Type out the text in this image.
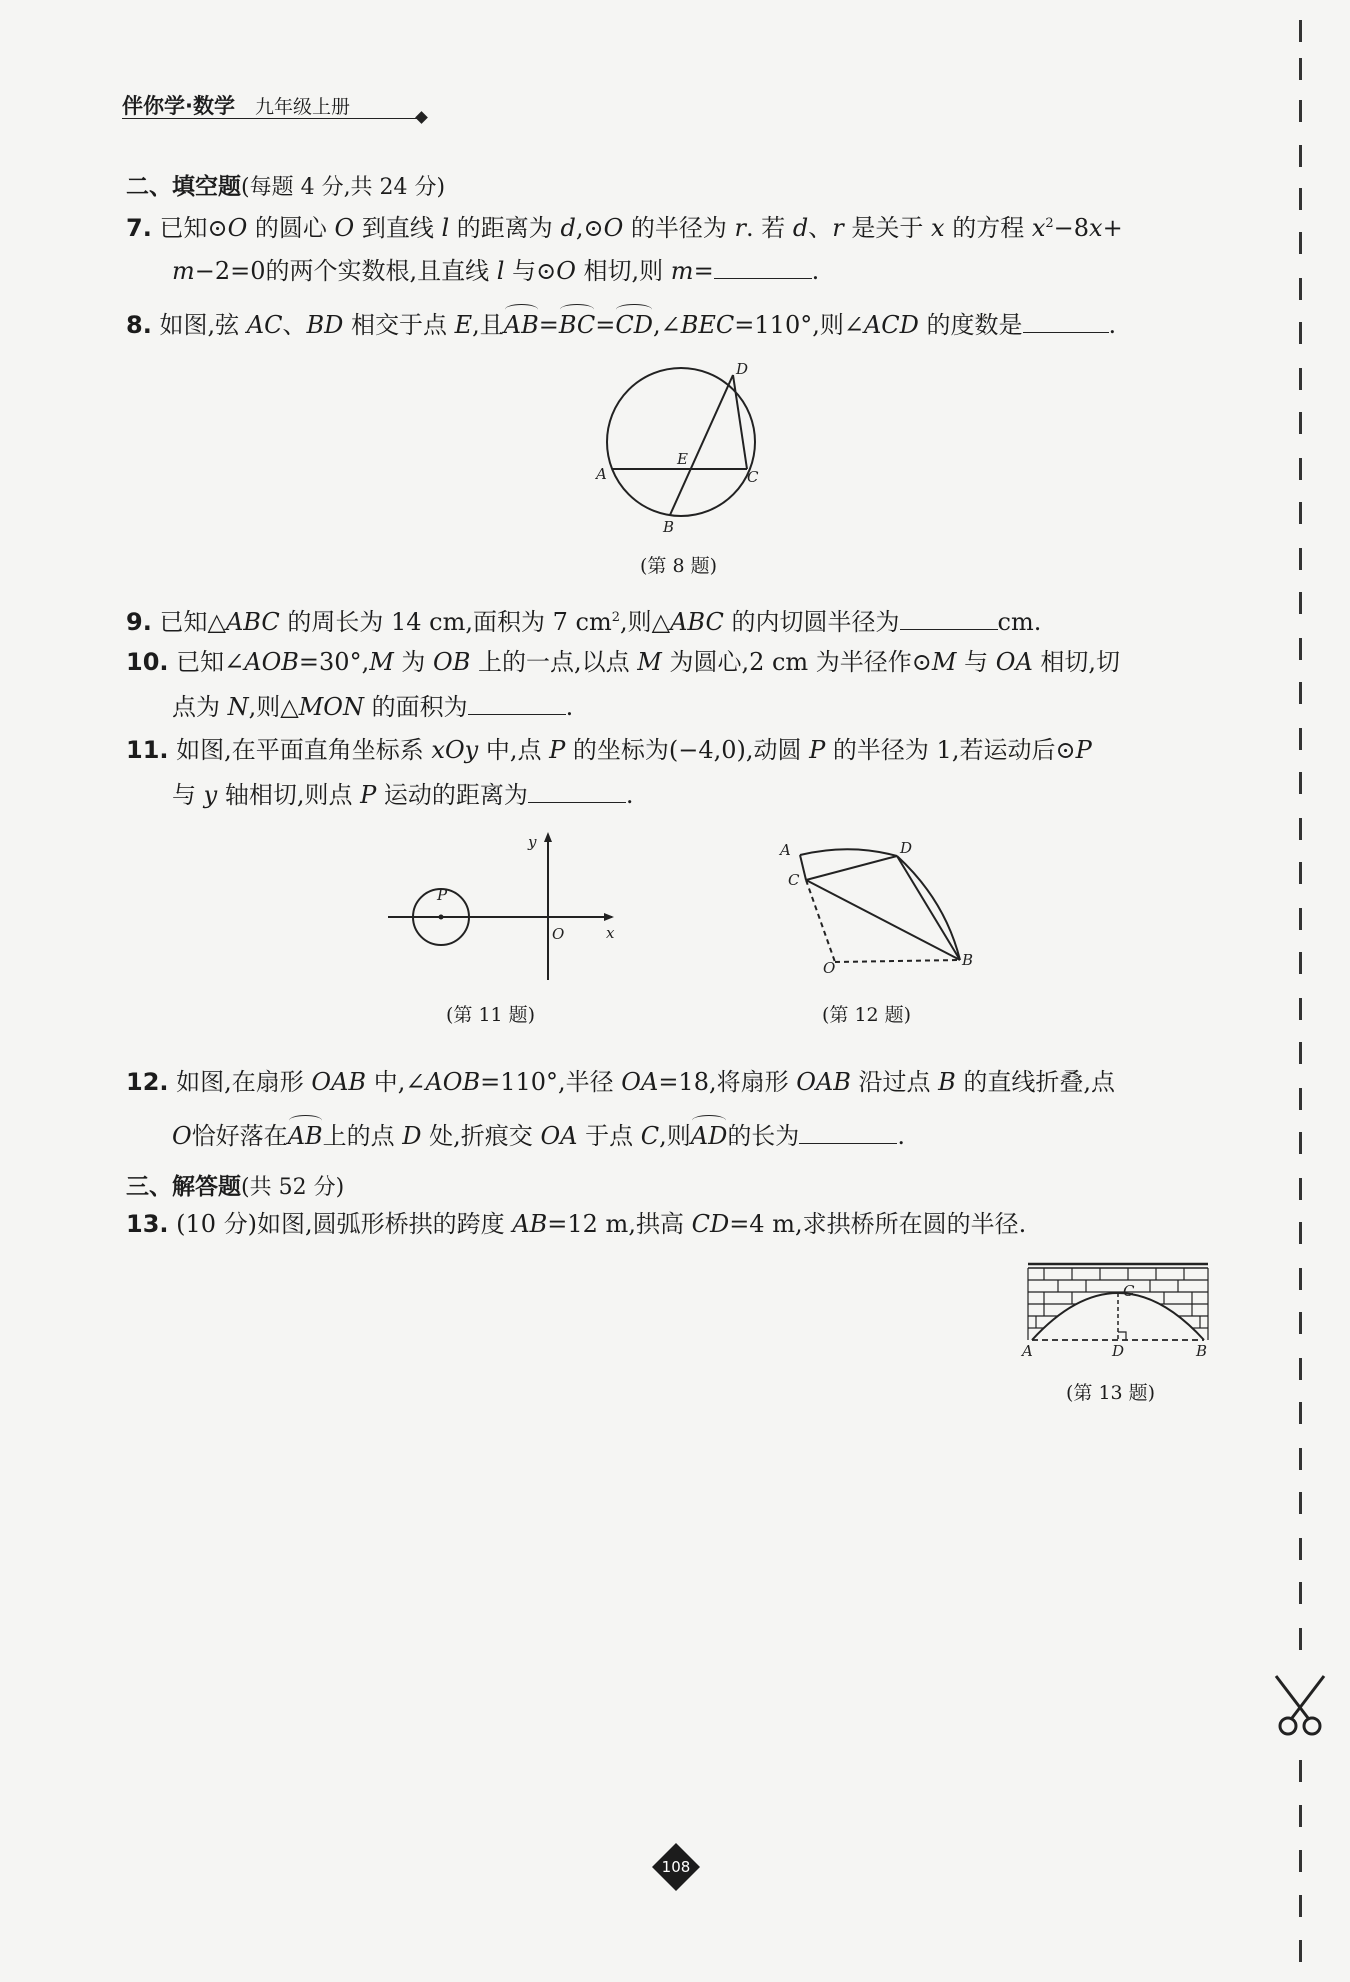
伴你学·数学 九年级上册
二、填空题(每题 4 分,共 24 分)
7. 已知⊙O 的圆心 O 到直线 l 的距离为 d,⊙O 的半径为 r. 若 d、r 是关于 x 的方程 $x^2-8x+$
m−2=0的两个实数根,且直线 l 与⊙O 相切,则 m=	.
8. 如图,弦 AC、BD 相交于点 E,且AB=BC=CD,∠BEC=110°,则∠ACD 的度数是	.
A
B
C
D
E
(第 8 题)
9. 已知△ABC 的周长为 14 cm,面积为 7 $cm^2$,则△ABC 的内切圆半径为	cm.
10. 已知∠AOB=30°,M 为 OB 上的一点,以点 M 为圆心,2 cm 为半径作⊙M 与 OA 相切,切
点为 N,则△MON 的面积为	.
11. 如图,在平面直角坐标系 xOy 中,点 P 的坐标为(−4,0),动圆 P 的半径为 1,若运动后⊙P
与 y 轴相切,则点 P 运动的距离为	.
P
O	x
y
(第 11 题)
A
C
D
B
O
(第 12 题)
12. 如图,在扇形 OAB 中,∠AOB=110°,半径 OA=18,将扇形 OAB 沿过点 B 的直线折叠,点
O恰好落在AB上的点 D 处,折痕交 OA 于点 C,则AD的长为	.
三、解答题(共 52 分)
13. (10 分)如图,圆弧形桥拱的跨度 AB=12 m,拱高 CD=4 m,求拱桥所在圆的半径.
A	D	B
C
(第 13 题)
108
